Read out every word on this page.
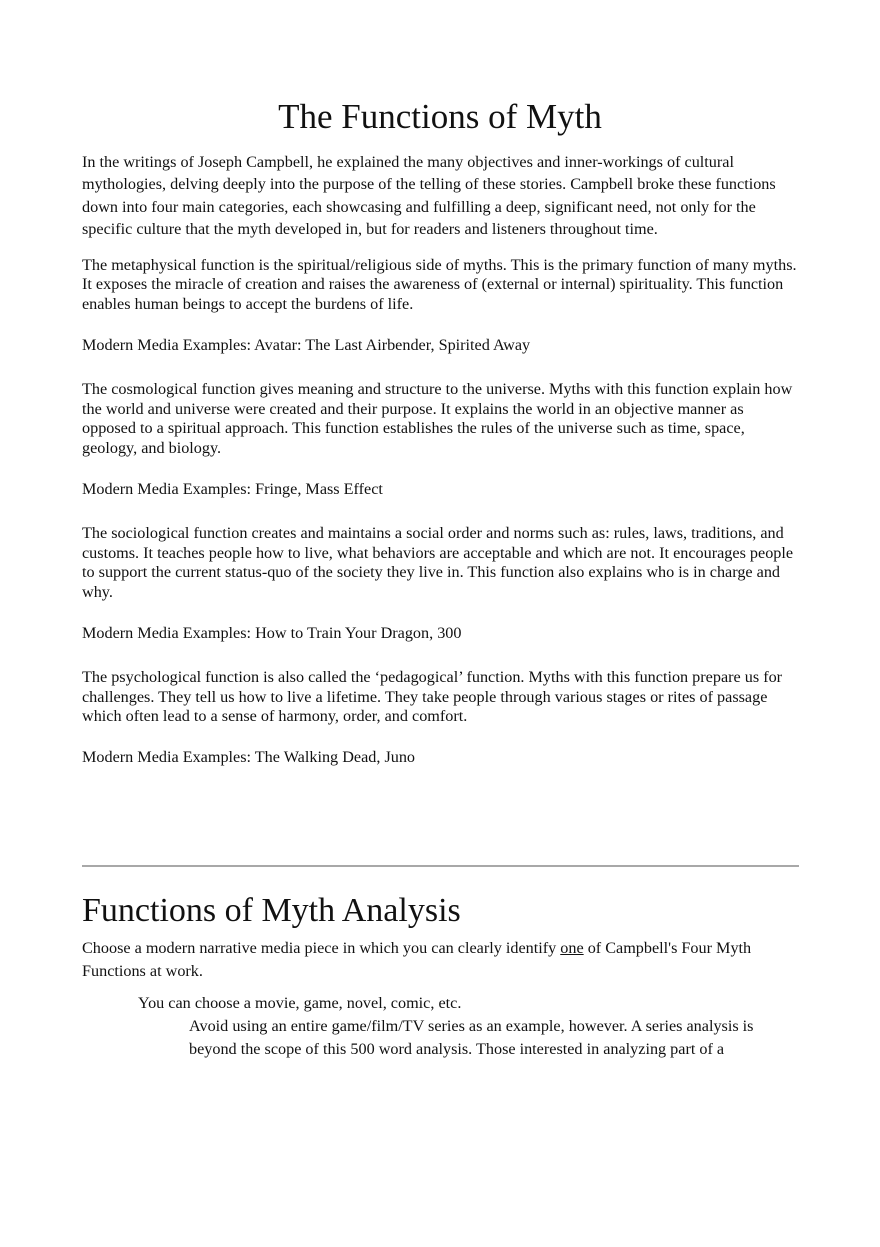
The Functions of Myth

In the writings of Joseph Campbell, he explained the many objectives and inner-workings of cultural mythologies, delving deeply into the purpose of the telling of these stories. Campbell broke these functions down into four main categories, each showcasing and fulfilling a deep, significant need, not only for the specific culture that the myth developed in, but for readers and listeners throughout time.

The metaphysical function is the spiritual/religious side of myths. This is the primary function of many myths. It exposes the miracle of creation and raises the awareness of (external or internal) spirituality. This function enables human beings to accept the burdens of life.

Modern Media Examples: Avatar: The Last Airbender, Spirited Away

The cosmological function gives meaning and structure to the universe. Myths with this function explain how the world and universe were created and their purpose. It explains the world in an objective manner as opposed to a spiritual approach. This function establishes the rules of the universe such as time, space, geology, and biology.

Modern Media Examples: Fringe, Mass Effect

The sociological function creates and maintains a social order and norms such as: rules, laws, traditions, and customs. It teaches people how to live, what behaviors are acceptable and which are not. It encourages people to support the current status-quo of the society they live in. This function also explains who is in charge and why.

Modern Media Examples: How to Train Your Dragon, 300

The psychological function is also called the ‘pedagogical’ function. Myths with this function prepare us for challenges. They tell us how to live a lifetime. They take people through various stages or rites of passage which often lead to a sense of harmony, order, and comfort.

Modern Media Examples: The Walking Dead, Juno

Functions of Myth Analysis

Choose a modern narrative media piece in which you can clearly identify one of Campbell's Four Myth Functions at work.

You can choose a movie, game, novel, comic, etc.
Avoid using an entire game/film/TV series as an example, however. A series analysis is beyond the scope of this 500 word analysis. Those interested in analyzing part of a
